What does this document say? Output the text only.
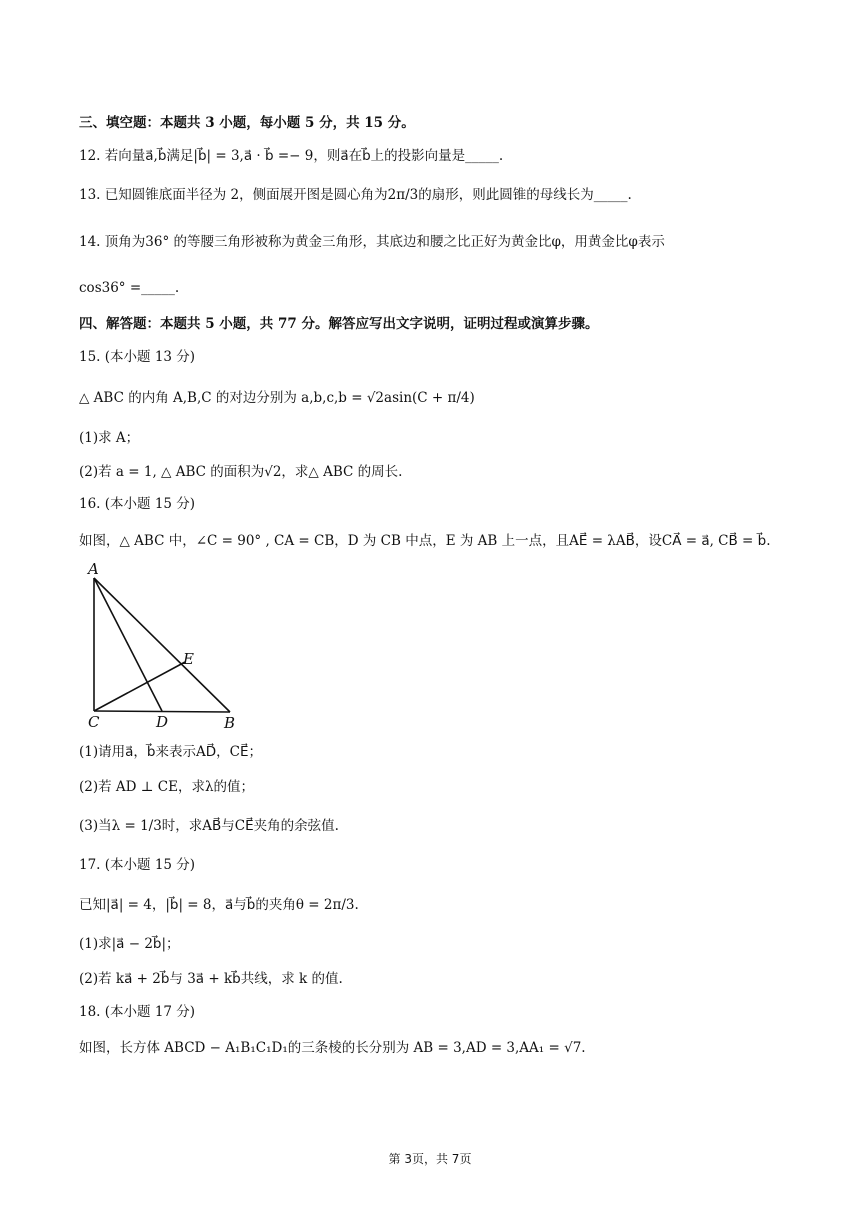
三、填空题：本题共 3 小题，每小题 5 分，共 15 分。
12. 若向量a⃗,b⃗满足|b⃗| = 3,a⃗ · b⃗ =− 9，则a⃗在b⃗上的投影向量是_____.
13. 已知圆锥底面半径为 2，侧面展开图是圆心角为2π/3的扇形，则此圆锥的母线长为_____.
14. 顶角为36° 的等腰三角形被称为黄金三角形，其底边和腰之比正好为黄金比φ，用黄金比φ表示
cos36° =_____.
四、解答题：本题共 5 小题，共 77 分。解答应写出文字说明，证明过程或演算步骤。
15. (本小题 13 分)
△ ABC 的内角 A,B,C 的对边分别为 a,b,c,b = √2asin(C + π/4)
(1)求 A；
(2)若 a = 1, △ ABC 的面积为√2，求△ ABC 的周长.
16. (本小题 15 分)
如图，△ ABC 中，∠C = 90° , CA = CB，D 为 CB 中点，E 为 AB 上一点，且AE⃗ = λAB⃗，设CA⃗ = a⃗, CB⃗ = b⃗.
A
B
C	D
E
(1)请用a⃗，b⃗来表示AD⃗，CE⃗；
(2)若 AD ⊥ CE，求λ的值；
(3)当λ = 1/3时，求AB⃗与CE⃗夹角的余弦值.
17. (本小题 15 分)
已知|a⃗| = 4，|b⃗| = 8，a⃗与b⃗的夹角θ = 2π/3.
(1)求|a⃗ − 2b⃗|；
(2)若 ka⃗ + 2b⃗与 3a⃗ + kb⃗共线，求 k 的值.
18. (本小题 17 分)
如图，长方体 ABCD − A₁B₁C₁D₁的三条棱的长分别为 AB = 3,AD = 3,AA₁ = √7.
第 3页，共 7页
